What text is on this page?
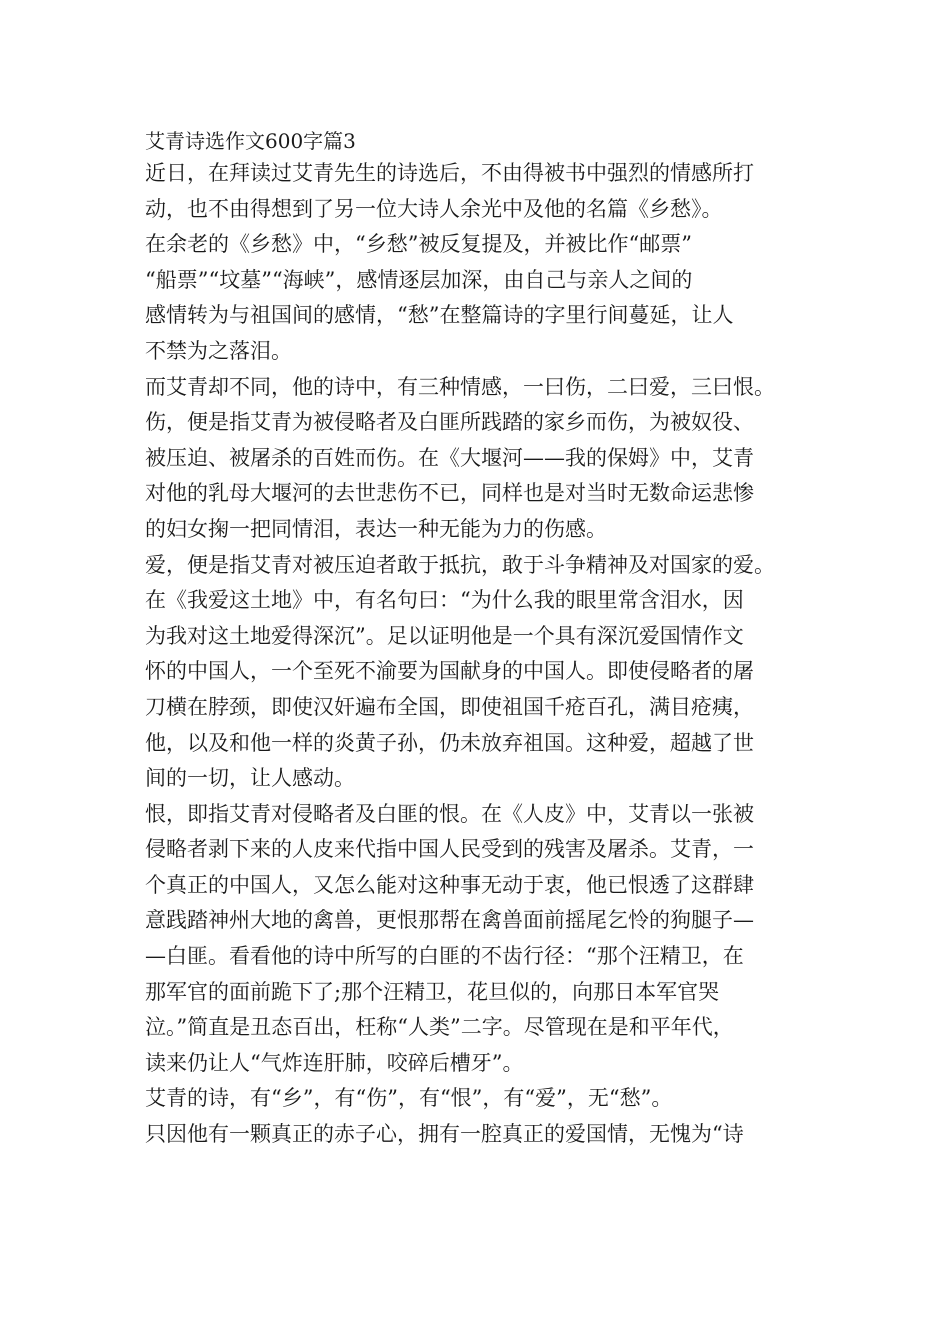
艾青诗选作文600字篇3

近日，在拜读过艾青先生的诗选后，不由得被书中强烈的情感所打

动，也不由得想到了另一位大诗人余光中及他的名篇《乡愁》。

在余老的《乡愁》中，“乡愁”被反复提及，并被比作“邮票”

“船票”“坟墓”“海峡”，感情逐层加深，由自己与亲人之间的

感情转为与祖国间的感情，“愁”在整篇诗的字里行间蔓延，让人

不禁为之落泪。

而艾青却不同，他的诗中，有三种情感，一曰伤，二曰爱，三曰恨。

伤，便是指艾青为被侵略者及白匪所践踏的家乡而伤，为被奴役、

被压迫、被屠杀的百姓而伤。在《大堰河——我的保姆》中，艾青

对他的乳母大堰河的去世悲伤不已，同样也是对当时无数命运悲惨

的妇女掬一把同情泪，表达一种无能为力的伤感。

爱，便是指艾青对被压迫者敢于抵抗，敢于斗争精神及对国家的爱。

在《我爱这土地》中，有名句曰：“为什么我的眼里常含泪水，因

为我对这土地爱得深沉”。足以证明他是一个具有深沉爱国情作文

怀的中国人，一个至死不渝要为国献身的中国人。即使侵略者的屠

刀横在脖颈，即使汉奸遍布全国，即使祖国千疮百孔，满目疮痍，

他，以及和他一样的炎黄子孙，仍未放弃祖国。这种爱，超越了世

间的一切，让人感动。

恨，即指艾青对侵略者及白匪的恨。在《人皮》中，艾青以一张被

侵略者剥下来的人皮来代指中国人民受到的残害及屠杀。艾青，一

个真正的中国人，又怎么能对这种事无动于衷，他已恨透了这群肆

意践踏神州大地的禽兽，更恨那帮在禽兽面前摇尾乞怜的狗腿子—

—白匪。看看他的诗中所写的白匪的不齿行径：“那个汪精卫，在

那军官的面前跪下了;那个汪精卫，花旦似的，向那日本军官哭

泣。”简直是丑态百出，枉称“人类”二字。尽管现在是和平年代，

读来仍让人“气炸连肝肺，咬碎后槽牙”。

艾青的诗，有“乡”，有“伤”，有“恨”，有“爱”，无“愁”。

只因他有一颗真正的赤子心，拥有一腔真正的爱国情，无愧为“诗
